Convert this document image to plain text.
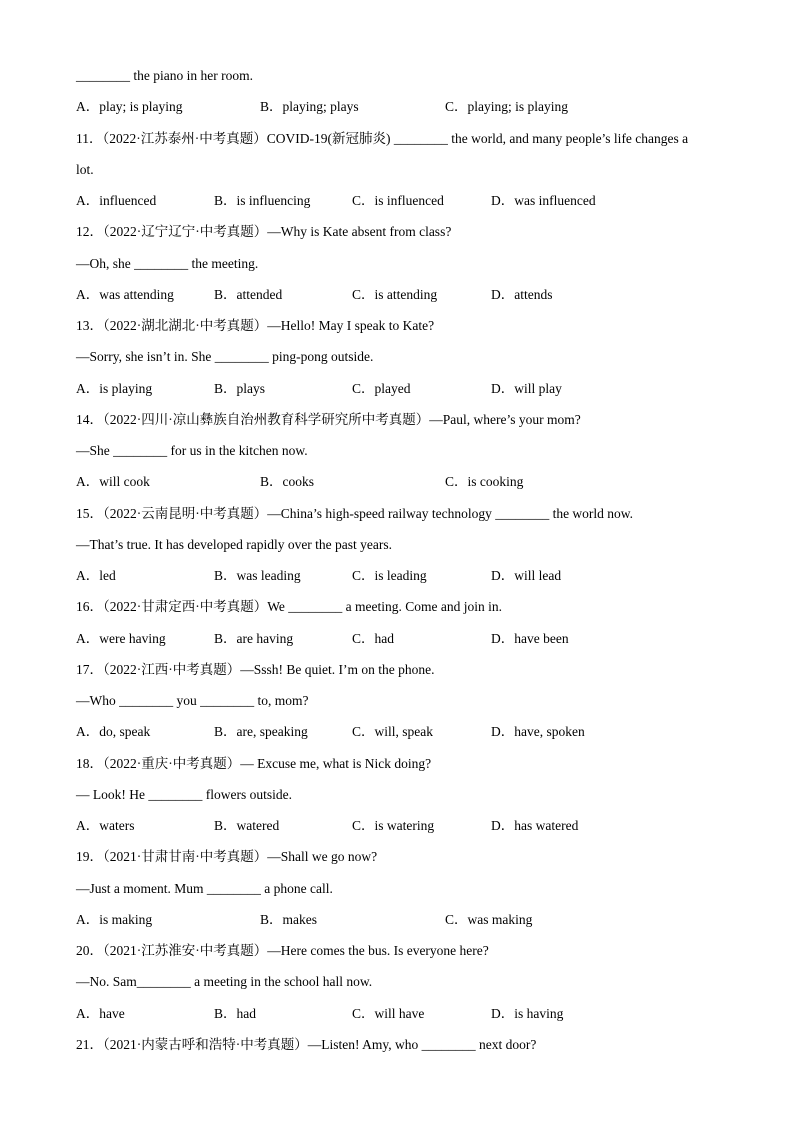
________ the piano in her room.
A．play; is playing	B．playing; plays	C．playing; is playing
11．（2022·江苏泰州·中考真题）COVID-19(新冠肺炎) ________ the world, and many people’s life changes a
lot.
A．influenced	B．is influencing	C．is influenced	D．was influenced
12．（2022·辽宁辽宁·中考真题）—Why is Kate absent from class?
—Oh, she ________ the meeting.
A．was attending	B．attended	C．is attending	D．attends
13．（2022·湖北湖北·中考真题）—Hello! May I speak to Kate?
—Sorry, she isn’t in. She ________ ping-pong outside.
A．is playing	B．plays	C．played	D．will play
14．（2022·四川·凉山彝族自治州教育科学研究所中考真题）—Paul, where’s your mom?
—She ________ for us in the kitchen now.
A．will cook	B．cooks	C．is cooking
15．（2022·云南昆明·中考真题）—China’s high-speed railway technology ________ the world now.
—That’s true. It has developed rapidly over the past years.
A．led	B．was leading	C．is leading	D．will lead
16．（2022·甘肃定西·中考真题）We ________ a meeting. Come and join in.
A．were having	B．are having	C．had	D．have been
17．（2022·江西·中考真题）—Sssh! Be quiet. I’m on the phone.
—Who ________ you ________ to, mom?
A．do, speak	B．are, speaking	C．will, speak	D．have, spoken
18．（2022·重庆·中考真题）— Excuse me, what is Nick doing?
— Look! He ________ flowers outside.
A．waters	B．watered	C．is watering	D．has watered
19．（2021·甘肃甘南·中考真题）—Shall we go now?
—Just a moment. Mum ________ a phone call.
A．is making	B．makes	C．was making
20．（2021·江苏淮安·中考真题）—Here comes the bus. Is everyone here?
—No. Sam________ a meeting in the school hall now.
A．have	B．had	C．will have	D．is having
21．（2021·内蒙古呼和浩特·中考真题）—Listen! Amy, who ________ next door?
